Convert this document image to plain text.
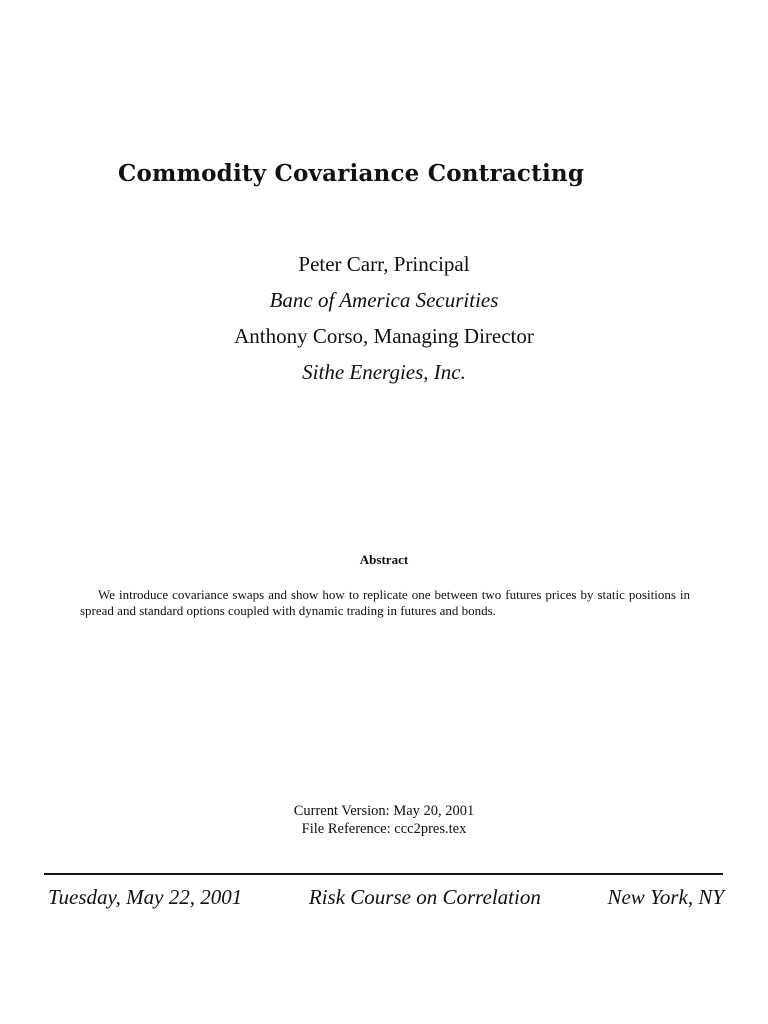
Commodity Covariance Contracting
Peter Carr, Principal
Banc of America Securities
Anthony Corso, Managing Director
Sithe Energies, Inc.
Abstract
We introduce covariance swaps and show how to replicate one between two futures prices by static positions in spread and standard options coupled with dynamic trading in futures and bonds.
Current Version: May 20, 2001
File Reference: ccc2pres.tex
Tuesday, May 22, 2001	Risk Course on Correlation	New York, NY
